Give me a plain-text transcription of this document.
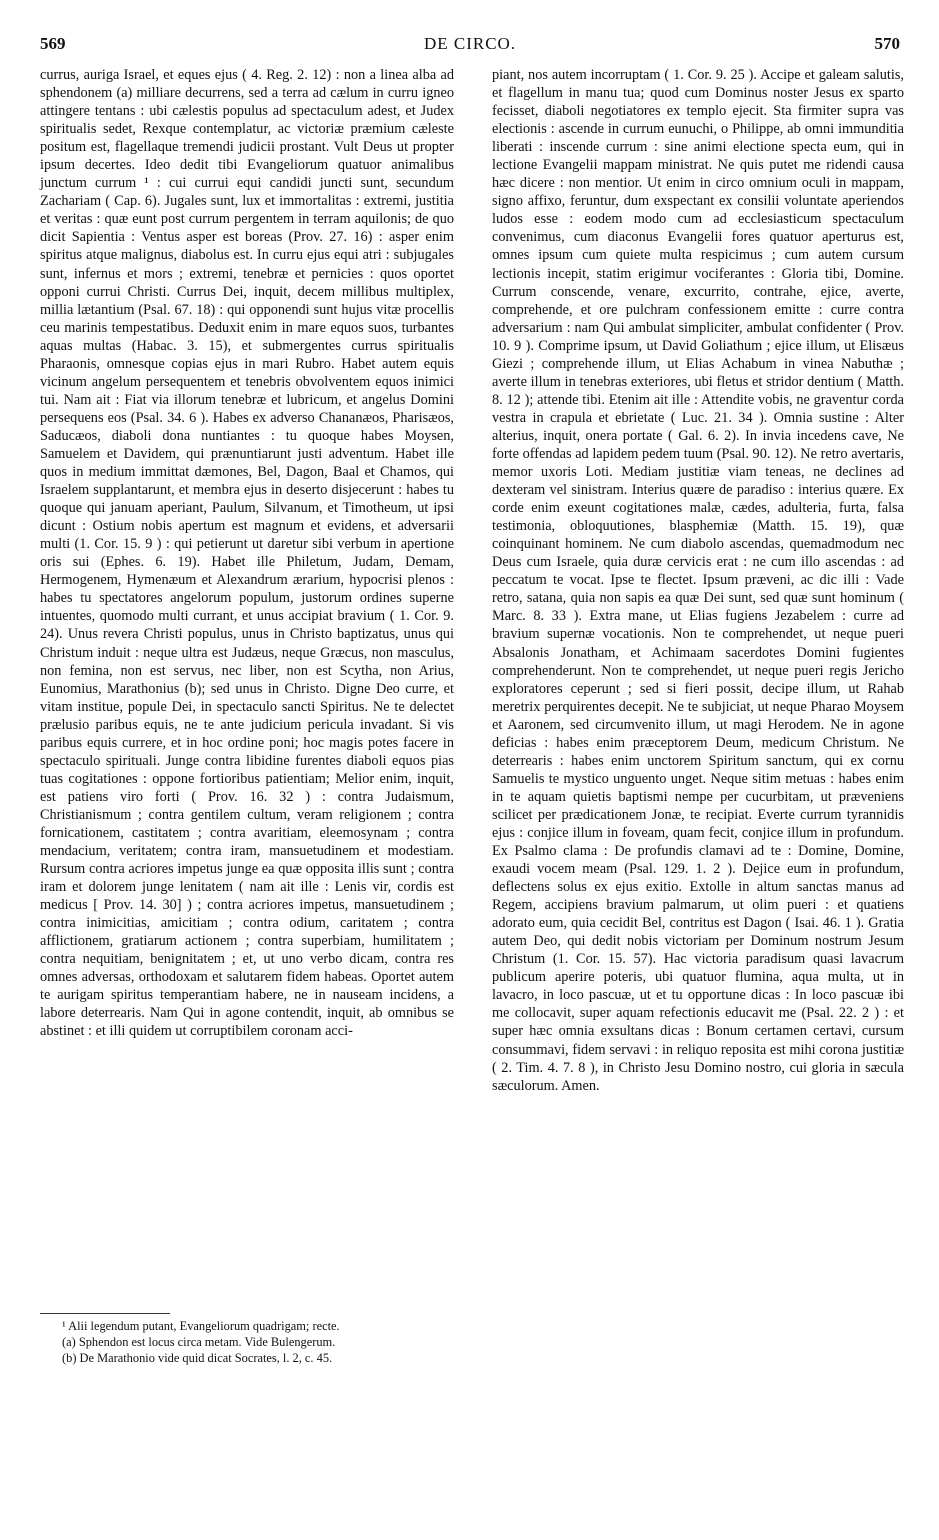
569	DE CIRCO.	570

currus, auriga Israel, et eques ejus ( 4. Reg. 2. 12) : non a linea alba ad sphendonem (a) milliare decurrens, sed a terra ad cælum in curru igneo attingere tentans : ubi cælestis populus ad spectaculum adest, et Judex spiritualis sedet, Rexque contemplatur, ac victoriæ præmium cæleste positum est, flagellaque tremendi judicii prostant. Vult Deus ut propter ipsum decertes. Ideo dedit tibi Evangeliorum quatuor animalibus junctum currum ¹ : cui currui equi candidi juncti sunt, secundum Zachariam ( Cap. 6). Jugales sunt, lux et immortalitas : extremi, justitia et veritas : quæ eunt post currum pergentem in terram aquilonis; de quo dicit Sapientia : Ventus asper est boreas (Prov. 27. 16) : asper enim spiritus atque malignus, diabolus est. In curru ejus equi atri : subjugales sunt, infernus et mors ; extremi, tenebræ et pernicies : quos oportet opponi currui Christi. Currus Dei, inquit, decem millibus multiplex, millia lætantium (Psal. 67. 18) : qui opponendi sunt hujus vitæ procellis ceu marinis tempestatibus. Deduxit enim in mare equos suos, turbantes aquas multas (Habac. 3. 15), et submergentes currus spiritualis Pharaonis, omnesque copias ejus in mari Rubro. Habet autem equis vicinum angelum persequentem et tenebris obvolventem equos inimici tui. Nam ait : Fiat via illorum tenebræ et lubricum, et angelus Domini persequens eos (Psal. 34. 6 ). Habes ex adverso Chananæos, Pharisæos, Saducæos, diaboli dona nuntiantes : tu quoque habes Moysen, Samuelem et Davidem, qui prænuntiarunt justi adventum. Habet ille quos in medium immittat dæmones, Bel, Dagon, Baal et Chamos, qui Israelem supplantarunt, et membra ejus in deserto disjecerunt : habes tu quoque qui januam aperiant, Paulum, Silvanum, et Timotheum, ut ipsi dicunt : Ostium nobis apertum est magnum et evidens, et adversarii multi (1. Cor. 15. 9 ) : qui petierunt ut daretur sibi verbum in apertione oris sui (Ephes. 6. 19). Habet ille Philetum, Judam, Demam, Hermogenem, Hymenæum et Alexandrum ærarium, hypocrisi plenos : habes tu spectatores angelorum populum, justorum ordines superne intuentes, quomodo multi currant, et unus accipiat bravium ( 1. Cor. 9. 24). Unus revera Christi populus, unus in Christo baptizatus, unus qui Christum induit : neque ultra est Judæus, neque Græcus, non masculus, non femina, non est servus, nec liber, non est Scytha, non Arius, Eunomius, Marathonius (b); sed unus in Christo. Digne Deo curre, et vitam institue, popule Dei, in spectaculo sancti Spiritus. Ne te delectet prælusio paribus equis, ne te ante judicium pericula invadant. Si vis paribus equis currere, et in hoc ordine poni; hoc magis potes facere in spectaculo spirituali. Junge contra libidine furentes diaboli equos pias tuas cogitationes : oppone fortioribus patientiam; Melior enim, inquit, est patiens viro forti ( Prov. 16. 32 ) : contra Judaismum, Christianismum ; contra gentilem cultum, veram religionem ; contra fornicationem, castitatem ; contra avaritiam, eleemosynam ; contra mendacium, veritatem; contra iram, mansuetudinem et modestiam. Rursum contra acriores impetus junge ea quæ opposita illis sunt ; contra iram et dolorem junge lenitatem ( nam ait ille : Lenis vir, cordis est medicus [ Prov. 14. 30] ) ; contra acriores impetus, mansuetudinem ; contra inimicitias, amicitiam ; contra odium, caritatem ; contra afflictionem, gratiarum actionem ; contra superbiam, humilitatem ; contra nequitiam, benignitatem ; et, ut uno verbo dicam, contra res omnes adversas, orthodoxam et salutarem fidem habeas. Oportet autem te aurigam spiritus temperantiam habere, ne in nauseam incidens, a labore deterrearis. Nam Qui in agone contendit, inquit, ab omnibus se abstinet : et illi quidem ut corruptibilem coronam acci-

¹ Alii legendum putant, Evangeliorum quadrigam; recte.

(a) Sphendon est locus circa metam. Vide Bulengerum.

(b) De Marathonio vide quid dicat Socrates, l. 2, c. 45.

piant, nos autem incorruptam ( 1. Cor. 9. 25 ). Accipe et galeam salutis, et flagellum in manu tua; quod cum Dominus noster Jesus ex sparto fecisset, diaboli negotiatores ex templo ejecit. Sta firmiter supra vas electionis : ascende in currum eunuchi, o Philippe, ab omni immunditia liberati : inscende currum : sine animi electione specta eum, qui in lectione Evangelii mappam ministrat. Ne quis putet me ridendi causa hæc dicere : non mentior. Ut enim in circo omnium oculi in mappam, signo affixo, feruntur, dum exspectant ex consilii voluntate aperiendos ludos esse : eodem modo cum ad ecclesiasticum spectaculum convenimus, cum diaconus Evangelii fores quatuor aperturus est, omnes ipsum cum quiete multa respicimus ; cum autem cursum lectionis incepit, statim erigimur vociferantes : Gloria tibi, Domine. Currum conscende, venare, excurrito, contrahe, ejice, averte, comprehende, et ore pulchram confessionem emitte : curre contra adversarium : nam Qui ambulat simpliciter, ambulat confidenter ( Prov. 10. 9 ). Comprime ipsum, ut David Goliathum ; ejice illum, ut Elisæus Giezi ; comprehende illum, ut Elias Achabum in vinea Nabuthæ ; averte illum in tenebras exteriores, ubi fletus et stridor dentium ( Matth. 8. 12 ); attende tibi. Etenim ait ille : Attendite vobis, ne graventur corda vestra in crapula et ebrietate ( Luc. 21. 34 ). Omnia sustine : Alter alterius, inquit, onera portate ( Gal. 6. 2). In invia incedens cave, Ne forte offendas ad lapidem pedem tuum (Psal. 90. 12). Ne retro avertaris, memor uxoris Loti. Mediam justitiæ viam teneas, ne declines ad dexteram vel sinistram. Interius quære de paradiso : interius quære. Ex corde enim exeunt cogitationes malæ, cædes, adulteria, furta, falsa testimonia, obloquutiones, blasphemiæ (Matth. 15. 19), quæ coinquinant hominem. Ne cum diabolo ascendas, quemadmodum nec Deus cum Israele, quia duræ cervicis erat : ne cum illo ascendas : ad peccatum te vocat. Ipse te flectet. Ipsum præveni, ac dic illi : Vade retro, satana, quia non sapis ea quæ Dei sunt, sed quæ sunt hominum ( Marc. 8. 33 ). Extra mane, ut Elias fugiens Jezabelem : curre ad bravium supernæ vocationis. Non te comprehendet, ut neque pueri Absalonis Jonatham, et Achimaam sacerdotes Domini fugientes comprehenderunt. Non te comprehendet, ut neque pueri regis Jericho exploratores ceperunt ; sed si fieri possit, decipe illum, ut Rahab meretrix perquirentes decepit. Ne te subjiciat, ut neque Pharao Moysem et Aaronem, sed circumvenito illum, ut magi Herodem. Ne in agone deficias : habes enim præceptorem Deum, medicum Christum. Ne deterrearis : habes enim unctorem Spiritum sanctum, qui ex cornu Samuelis te mystico unguento unget. Neque sitim metuas : habes enim in te aquam quietis baptismi nempe per cucurbitam, ut præveniens scilicet per prædicationem Jonæ, te recipiat. Everte currum tyrannidis ejus : conjice illum in foveam, quam fecit, conjice illum in profundum. Ex Psalmo clama : De profundis clamavi ad te : Domine, Domine, exaudi vocem meam (Psal. 129. 1. 2 ). Dejice eum in profundum, deflectens solus ex ejus exitio. Extolle in altum sanctas manus ad Regem, accipiens bravium palmarum, ut olim pueri : et quatiens adorato eum, quia cecidit Bel, contritus est Dagon ( Isai. 46. 1 ). Gratia autem Deo, qui dedit nobis victoriam per Dominum nostrum Jesum Christum (1. Cor. 15. 57). Hac victoria paradisum quasi lavacrum publicum aperire poteris, ubi quatuor flumina, aqua multa, ut in lavacro, in loco pascuæ, ut et tu opportune dicas : In loco pascuæ ibi me collocavit, super aquam refectionis educavit me (Psal. 22. 2 ) : et super hæc omnia exsultans dicas : Bonum certamen certavi, cursum consummavi, fidem servavi : in reliquo reposita est mihi corona justitiæ ( 2. Tim. 4. 7. 8 ), in Christo Jesu Domino nostro, cui gloria in sæcula sæculorum. Amen.
